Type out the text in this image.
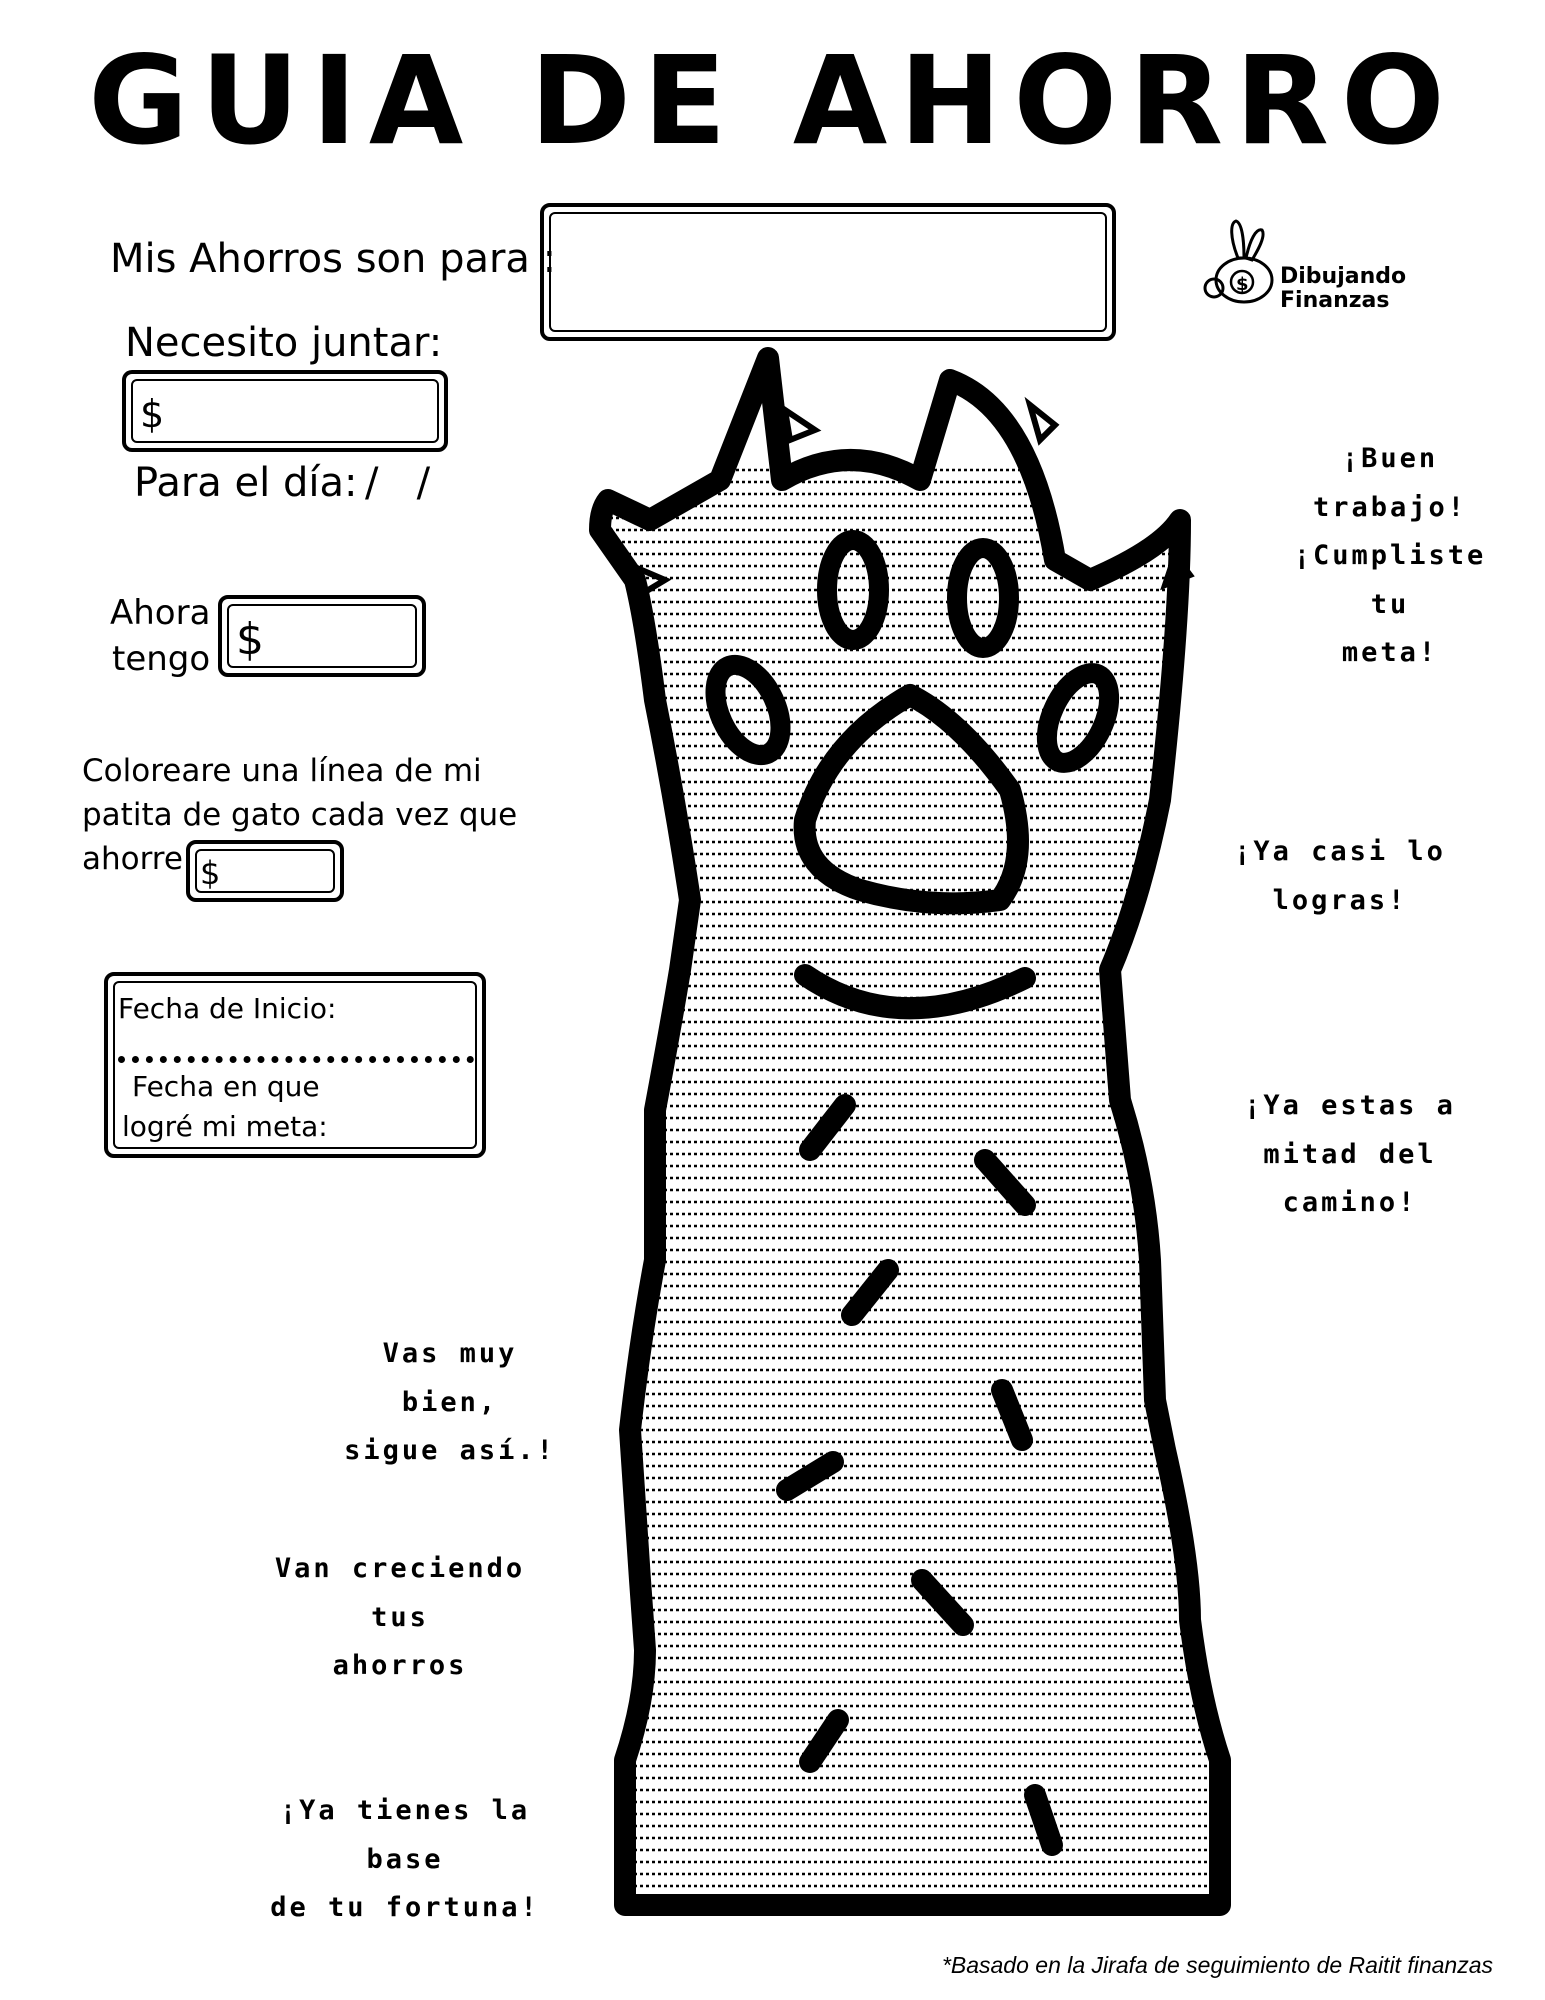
GUIA DE AHORRO
$ Dibujando
Finanzas
Mis Ahorros son para :
Necesito juntar:
$
Para el día: /   /
Ahora
tengo $
Coloreare una línea de mi
patita de gato cada vez que
ahorre $
Fecha de Inicio:
Fecha en que
logré mi meta:
¡Buen
trabajo!
¡Cumpliste tu
meta!
¡Ya casi lo
logras!
¡Ya estas a
mitad del
camino!
Vas muy bien,
sigue así.!
Van creciendo tus
ahorros
¡Ya tienes la base
de tu fortuna!
*Basado en la Jirafa de seguimiento de Raitit finanzas
